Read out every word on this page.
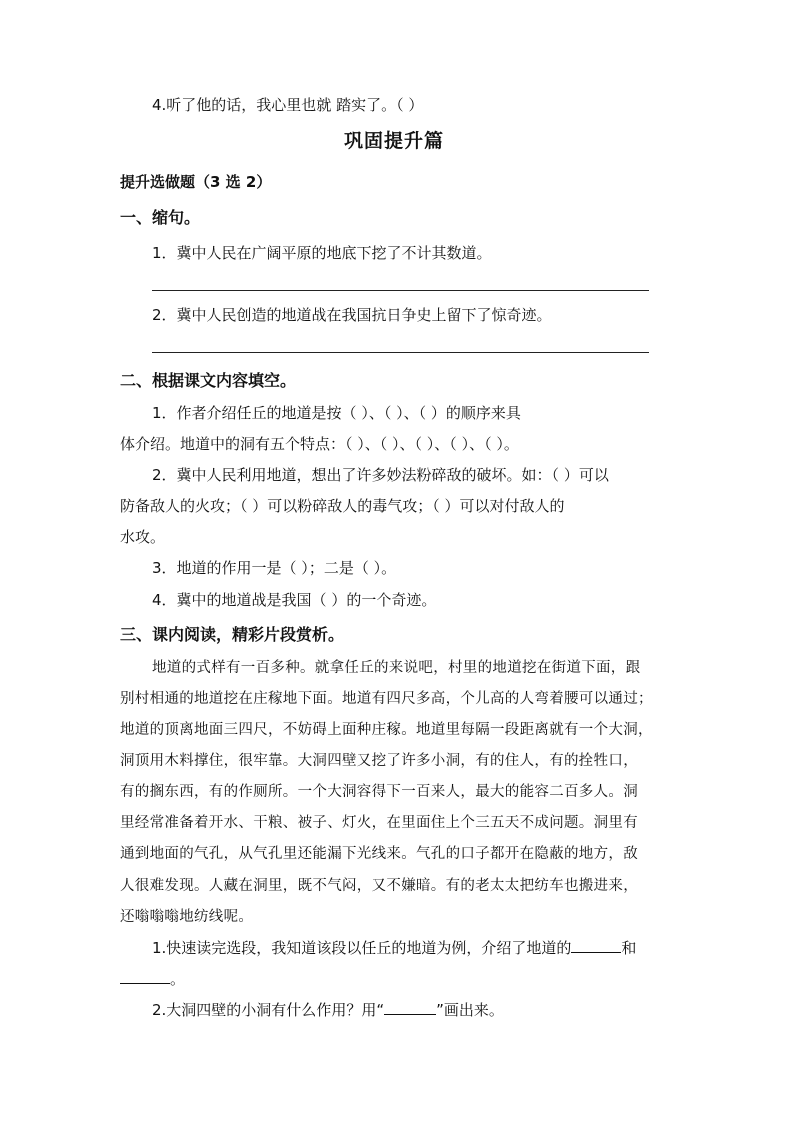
4.听了他的话，我心里也就 踏实了。（ ）
巩固提升篇
提升选做题（3 选 2）
一、缩句。
1．冀中人民在广阔平原的地底下挖了不计其数道。
2．冀中人民创造的地道战在我国抗日争史上留下了惊奇迹。
二、根据课文内容填空。
1．作者介绍任丘的地道是按（ ）、（ ）、（ ）的顺序来具
体介绍。地道中的洞有五个特点：（ ）、（ ）、（ ）、（ ）、（ ）。
2．冀中人民利用地道，想出了许多妙法粉碎敌的破坏。如：（ ）可以
防备敌人的火攻；（ ）可以粉碎敌人的毒气攻；（ ）可以对付敌人的
水攻。
3．地道的作用一是（ ）；二是（ ）。
4．冀中的地道战是我国（ ）的一个奇迹。
三、课内阅读，精彩片段赏析。
地道的式样有一百多种。就拿任丘的来说吧，村里的地道挖在街道下面，跟
别村相通的地道挖在庄稼地下面。地道有四尺多高，个儿高的人弯着腰可以通过；
地道的顶离地面三四尺，不妨碍上面种庄稼。地道里每隔一段距离就有一个大洞，
洞顶用木料撑住，很牢靠。大洞四壁又挖了许多小洞，有的住人，有的拴牲口，
有的搁东西，有的作厕所。一个大洞容得下一百来人，最大的能容二百多人。洞
里经常准备着开水、干粮、被子、灯火，在里面住上个三五天不成问题。洞里有
通到地面的气孔，从气孔里还能漏下光线来。气孔的口子都开在隐蔽的地方，敌
人很难发现。人藏在洞里，既不气闷，又不嫌暗。有的老太太把纺车也搬进来，
还嗡嗡嗡地纺线呢。
1.快速读完选段，我知道该段以任丘的地道为例，介绍了地道的	和
。
2.大洞四壁的小洞有什么作用？用“	”画出来。
